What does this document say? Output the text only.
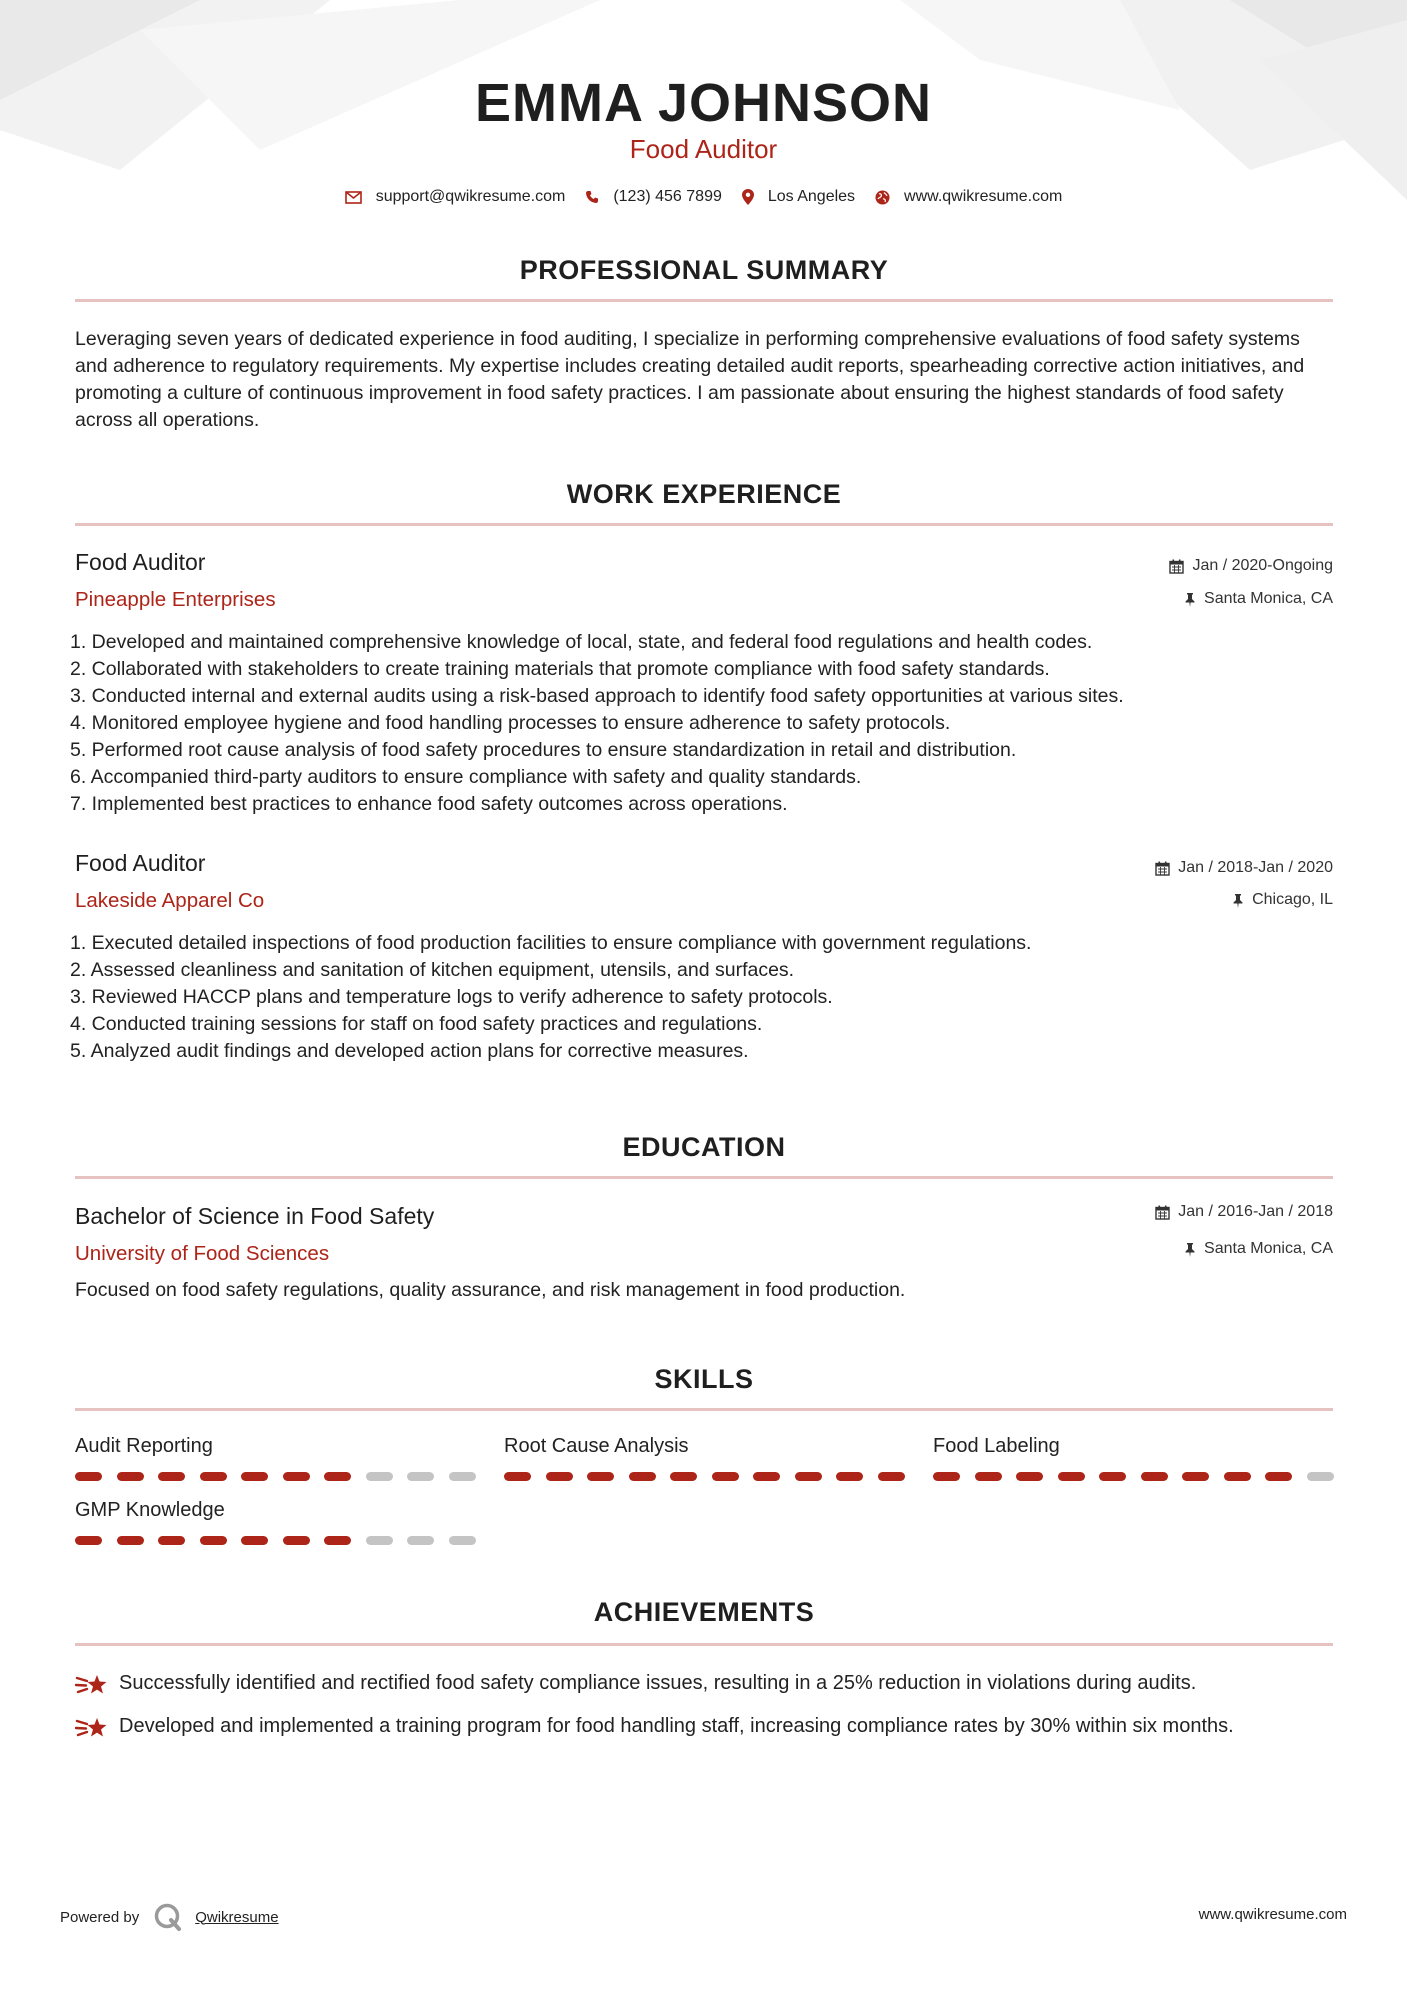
EMMA JOHNSON
Food Auditor
support@qwikresume.com	(123) 456 7899	Los Angeles	www.qwikresume.com
PROFESSIONAL SUMMARY
Leveraging seven years of dedicated experience in food auditing, I specialize in performing comprehensive evaluations of food safety systems and adherence to regulatory requirements. My expertise includes creating detailed audit reports, spearheading corrective action initiatives, and promoting a culture of continuous improvement in food safety practices. I am passionate about ensuring the highest standards of food safety across all operations.
WORK EXPERIENCE
Food Auditor
Pineapple Enterprises
Jan / 2020-Ongoing
Santa Monica, CA
1. Developed and maintained comprehensive knowledge of local, state, and federal food regulations and health codes.
2. Collaborated with stakeholders to create training materials that promote compliance with food safety standards.
3. Conducted internal and external audits using a risk-based approach to identify food safety opportunities at various sites.
4. Monitored employee hygiene and food handling processes to ensure adherence to safety protocols.
5. Performed root cause analysis of food safety procedures to ensure standardization in retail and distribution.
6. Accompanied third-party auditors to ensure compliance with safety and quality standards.
7. Implemented best practices to enhance food safety outcomes across operations.
Food Auditor
Lakeside Apparel Co
Jan / 2018-Jan / 2020
Chicago, IL
1. Executed detailed inspections of food production facilities to ensure compliance with government regulations.
2. Assessed cleanliness and sanitation of kitchen equipment, utensils, and surfaces.
3. Reviewed HACCP plans and temperature logs to verify adherence to safety protocols.
4. Conducted training sessions for staff on food safety practices and regulations.
5. Analyzed audit findings and developed action plans for corrective measures.
EDUCATION
Bachelor of Science in Food Safety
University of Food Sciences
Jan / 2016-Jan / 2018
Santa Monica, CA
Focused on food safety regulations, quality assurance, and risk management in food production.
SKILLS
Audit Reporting	Root Cause Analysis	Food Labeling
GMP Knowledge
ACHIEVEMENTS
Successfully identified and rectified food safety compliance issues, resulting in a 25% reduction in violations during audits.
Developed and implemented a training program for food handling staff, increasing compliance rates by 30% within six months.
Powered by	Qwikresume	www.qwikresume.com
